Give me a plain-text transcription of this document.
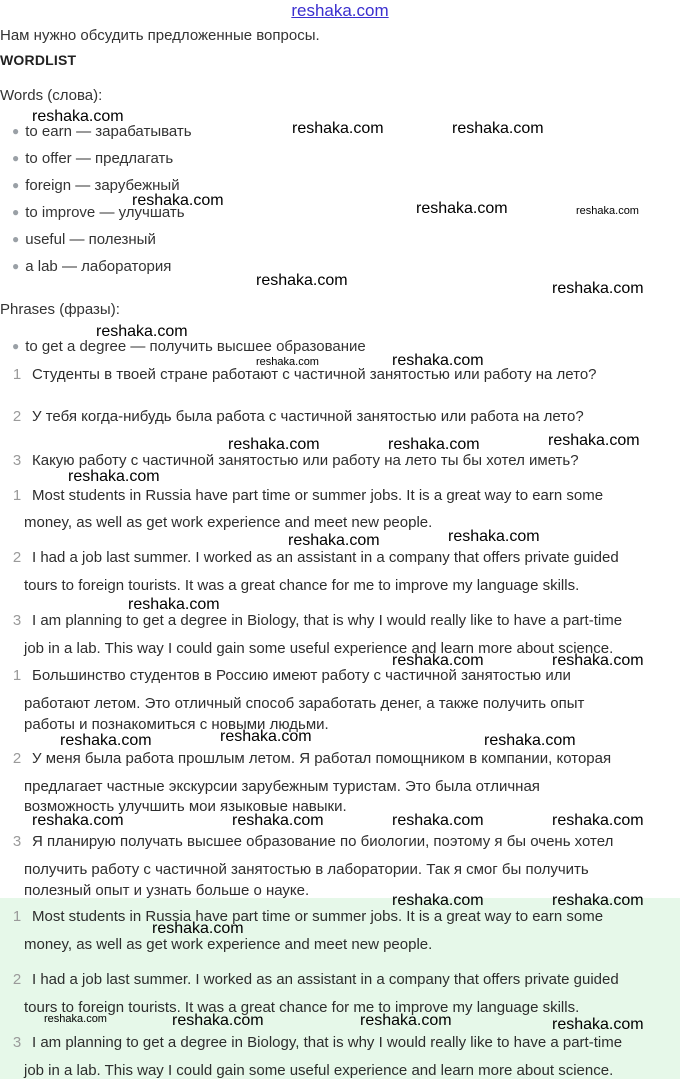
reshaka.com
Нам нужно обсудить предложенные вопросы.
WORDLIST
Words (слова):
● to earn — зарабатывать
● to offer — предлагать
● foreign — зарубежный
● to improve — улучшать
● useful — полезный
● a lab — лаборатория
Phrases (фразы):
● to get a degree — получить высшее образование
1 Студенты в твоей стране работают с частичной занятостью или работу на лето?
2 У тебя когда-нибудь была работа с частичной занятостью или работа на лето?
3 Какую работу с частичной занятостью или работу на лето ты бы хотел иметь?
1 Most students in Russia have part time or summer jobs. It is a great way to earn some
money, as well as get work experience and meet new people.
2 I had a job last summer. I worked as an assistant in a company that offers private guided
tours to foreign tourists. It was a great chance for me to improve my language skills.
3 I am planning to get a degree in Biology, that is why I would really like to have a part-time
job in a lab. This way I could gain some useful experience and learn more about science.
1 Большинство студентов в Россию имеют работу с частичной занятостью или
работают летом. Это отличный способ заработать денег, а также получить опыт
работы и познакомиться с новыми людьми.
2 У меня была работа прошлым летом. Я работал помощником в компании, которая
предлагает частные экскурсии зарубежным туристам. Это была отличная
возможность улучшить мои языковые навыки.
3 Я планирую получать высшее образование по биологии, поэтому я бы очень хотел
получить работу с частичной занятостью в лаборатории. Так я смог бы получить
полезный опыт и узнать больше о науке.
1 Most students in Russia have part time or summer jobs. It is a great way to earn some
money, as well as get work experience and meet new people.
2 I had a job last summer. I worked as an assistant in a company that offers private guided
tours to foreign tourists. It was a great chance for me to improve my language skills.
3 I am planning to get a degree in Biology, that is why I would really like to have a part-time
job in a lab. This way I could gain some useful experience and learn more about science.
reshaka.com
reshaka.com	reshaka.com
reshaka.com	reshaka.com	reshaka.com
reshaka.com	reshaka.com
reshaka.com
reshaka.com	reshaka.com
reshaka.com	reshaka.com	reshaka.com
reshaka.com
reshaka.com
reshaka.com
reshaka.com
reshaka.com	reshaka.com
reshaka.com	reshaka.com	reshaka.com
reshaka.com	reshaka.com	reshaka.com	reshaka.com
reshaka.com	reshaka.com
reshaka.com
reshaka.com	reshaka.com	reshaka.com	reshaka.com
